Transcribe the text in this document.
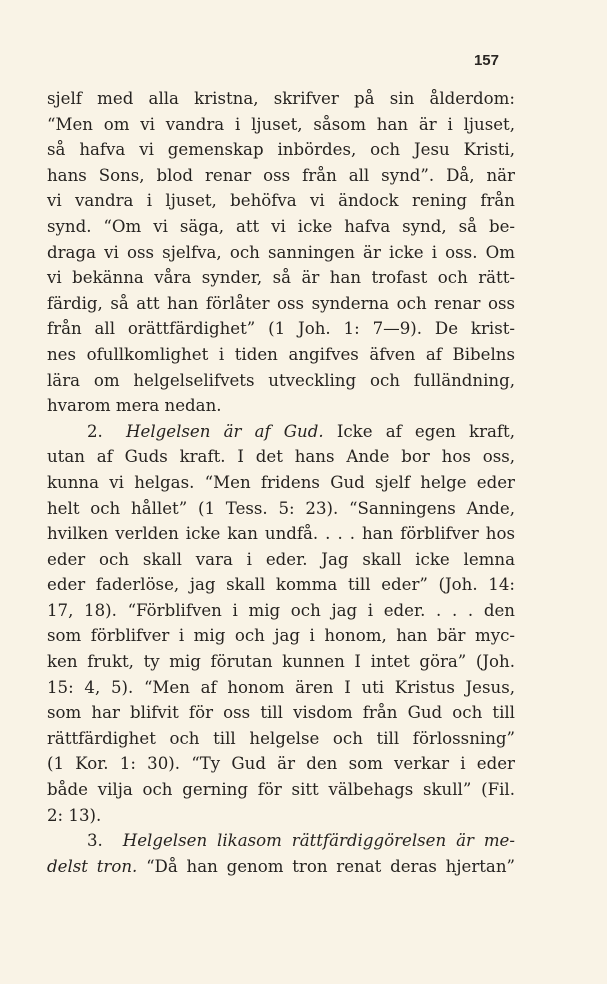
157
sjelf med alla kristna, skrifver på sin ålderdom:
“Men om vi vandra i ljuset, såsom han är i ljuset,
så hafva vi gemenskap inbördes, och Jesu Kristi,
hans Sons, blod renar oss från all synd”. Då, när
vi vandra i ljuset, behöfva vi ändock rening från
synd. “Om vi säga, att vi icke hafva synd, så be-
draga vi oss sjelfva, och sanningen är icke i oss. Om
vi bekänna våra synder, så är han trofast och rätt-
färdig, så att han förlåter oss synderna och renar oss
från all orättfärdighet” (1 Joh. 1: 7—9). De krist-
nes ofullkomlighet i tiden angifves äfven af Bibelns
lära om helgelselifvets utveckling och fulländning,
hvarom mera nedan.
2. Helgelsen är af Gud. Icke af egen kraft,
utan af Guds kraft. I det hans Ande bor hos oss,
kunna vi helgas. “Men fridens Gud sjelf helge eder
helt och hållet” (1 Tess. 5: 23). “Sanningens Ande,
hvilken verlden icke kan undfå. . . . han förblifver hos
eder och skall vara i eder. Jag skall icke lemna
eder faderlöse, jag skall komma till eder” (Joh. 14:
17, 18). “Förblifven i mig och jag i eder. . . . den
som förblifver i mig och jag i honom, han bär myc-
ken frukt, ty mig förutan kunnen I intet göra” (Joh.
15: 4, 5). “Men af honom ären I uti Kristus Jesus,
som har blifvit för oss till visdom från Gud och till
rättfärdighet och till helgelse och till förlossning”
(1 Kor. 1: 30). “Ty Gud är den som verkar i eder
både vilja och gerning för sitt välbehags skull” (Fil.
2: 13).
3. Helgelsen likasom rättfärdiggörelsen är me-
delst tron. “Då han genom tron renat deras hjertan”
